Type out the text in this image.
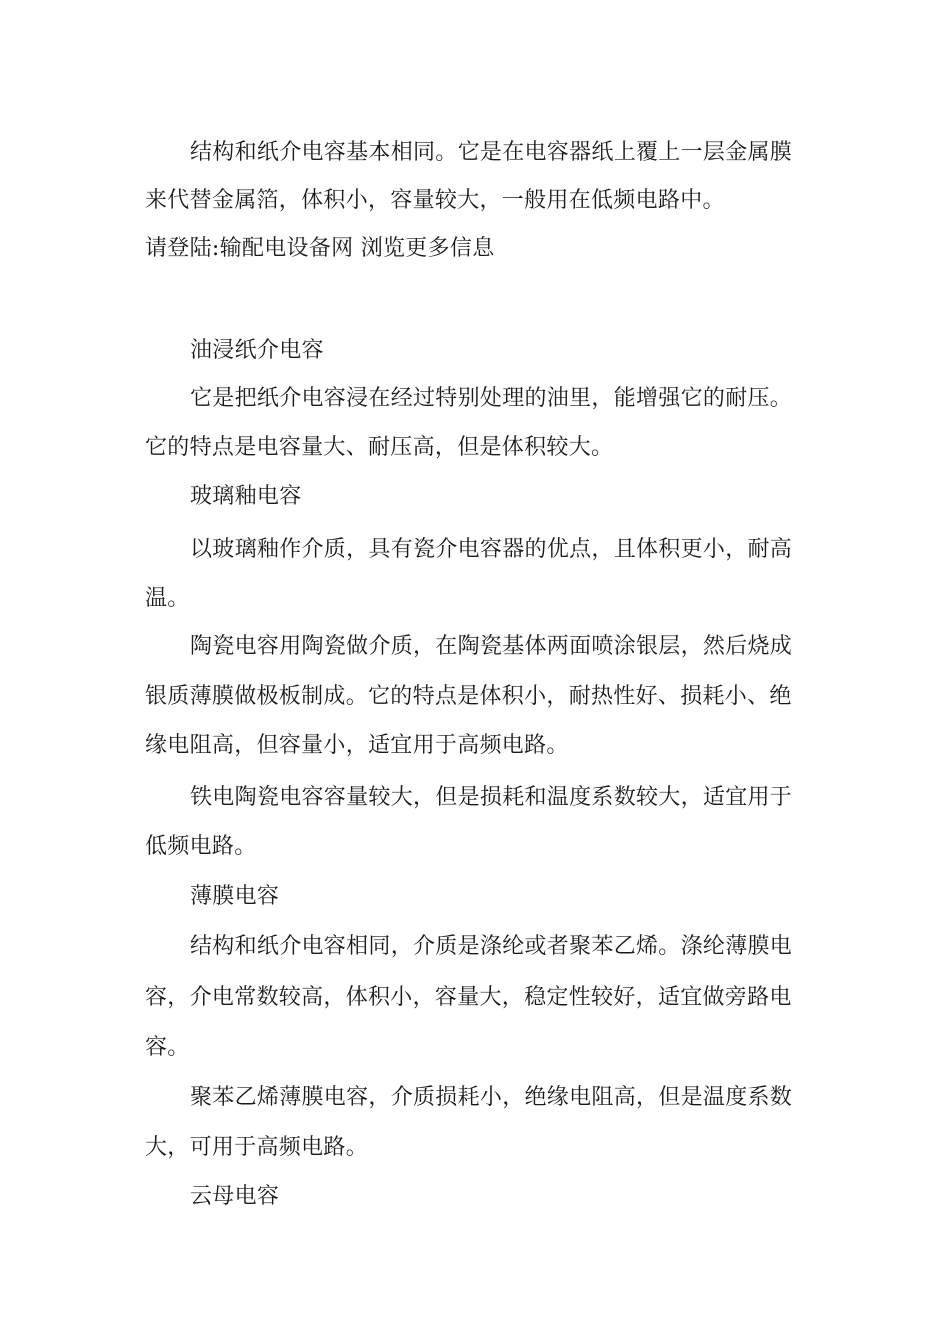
结构和纸介电容基本相同。它是在电容器纸上覆上一层金属膜
来代替金属箔，体积小，容量较大，一般用在低频电路中。
请登陆:输配电设备网 浏览更多信息
油浸纸介电容
它是把纸介电容浸在经过特别处理的油里，能增强它的耐压。
它的特点是电容量大、耐压高，但是体积较大。
玻璃釉电容
以玻璃釉作介质，具有瓷介电容器的优点，且体积更小，耐高
温。
陶瓷电容用陶瓷做介质，在陶瓷基体两面喷涂银层，然后烧成
银质薄膜做极板制成。它的特点是体积小，耐热性好、损耗小、绝
缘电阻高，但容量小，适宜用于高频电路。
铁电陶瓷电容容量较大，但是损耗和温度系数较大，适宜用于
低频电路。
薄膜电容
结构和纸介电容相同，介质是涤纶或者聚苯乙烯。涤纶薄膜电
容，介电常数较高，体积小，容量大，稳定性较好，适宜做旁路电
容。
聚苯乙烯薄膜电容，介质损耗小，绝缘电阻高，但是温度系数
大，可用于高频电路。
云母电容
